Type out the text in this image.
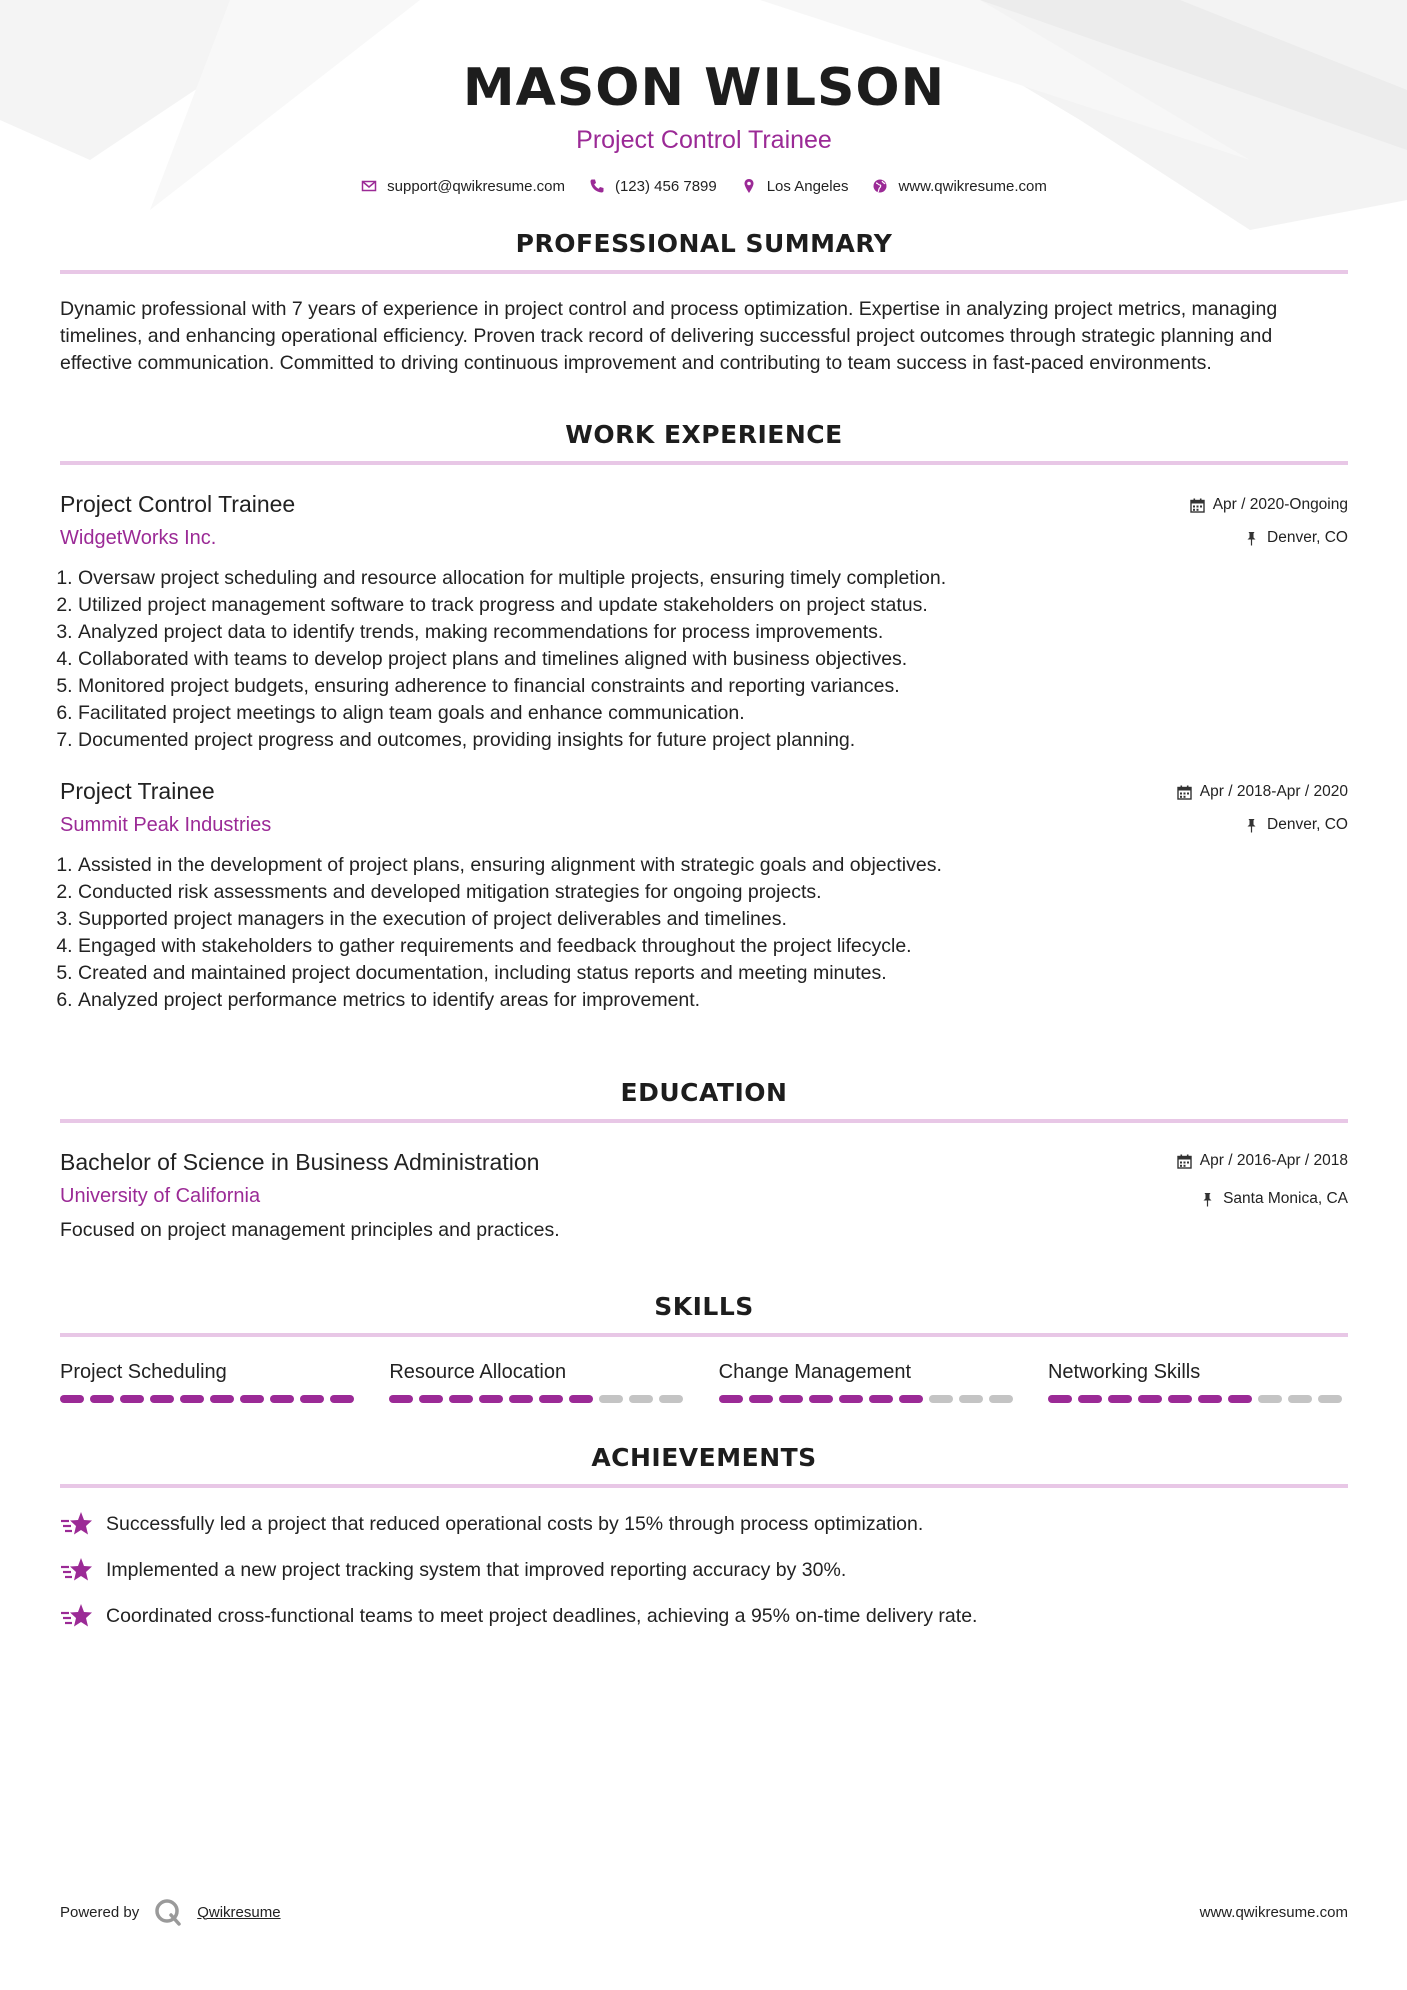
MASON WILSON
Project Control Trainee
support@qwikresume.com	(123) 456 7899	Los Angeles	www.qwikresume.com
PROFESSIONAL SUMMARY
Dynamic professional with 7 years of experience in project control and process optimization. Expertise in analyzing project metrics, managing timelines, and enhancing operational efficiency. Proven track record of delivering successful project outcomes through strategic planning and effective communication. Committed to driving continuous improvement and contributing to team success in fast-paced environments.
WORK EXPERIENCE
Project Control Trainee
WidgetWorks Inc.
Apr / 2020-Ongoing
Denver, CO
1. Oversaw project scheduling and resource allocation for multiple projects, ensuring timely completion.
2. Utilized project management software to track progress and update stakeholders on project status.
3. Analyzed project data to identify trends, making recommendations for process improvements.
4. Collaborated with teams to develop project plans and timelines aligned with business objectives.
5. Monitored project budgets, ensuring adherence to financial constraints and reporting variances.
6. Facilitated project meetings to align team goals and enhance communication.
7. Documented project progress and outcomes, providing insights for future project planning.
Project Trainee
Summit Peak Industries
Apr / 2018-Apr / 2020
Denver, CO
1. Assisted in the development of project plans, ensuring alignment with strategic goals and objectives.
2. Conducted risk assessments and developed mitigation strategies for ongoing projects.
3. Supported project managers in the execution of project deliverables and timelines.
4. Engaged with stakeholders to gather requirements and feedback throughout the project lifecycle.
5. Created and maintained project documentation, including status reports and meeting minutes.
6. Analyzed project performance metrics to identify areas for improvement.
EDUCATION
Bachelor of Science in Business Administration
University of California
Apr / 2016-Apr / 2018
Santa Monica, CA
Focused on project management principles and practices.
SKILLS
Project Scheduling	Resource Allocation	Change Management	Networking Skills
ACHIEVEMENTS
Successfully led a project that reduced operational costs by 15% through process optimization.
Implemented a new project tracking system that improved reporting accuracy by 30%.
Coordinated cross-functional teams to meet project deadlines, achieving a 95% on-time delivery rate.
Powered by	Qwikresume	www.qwikresume.com
